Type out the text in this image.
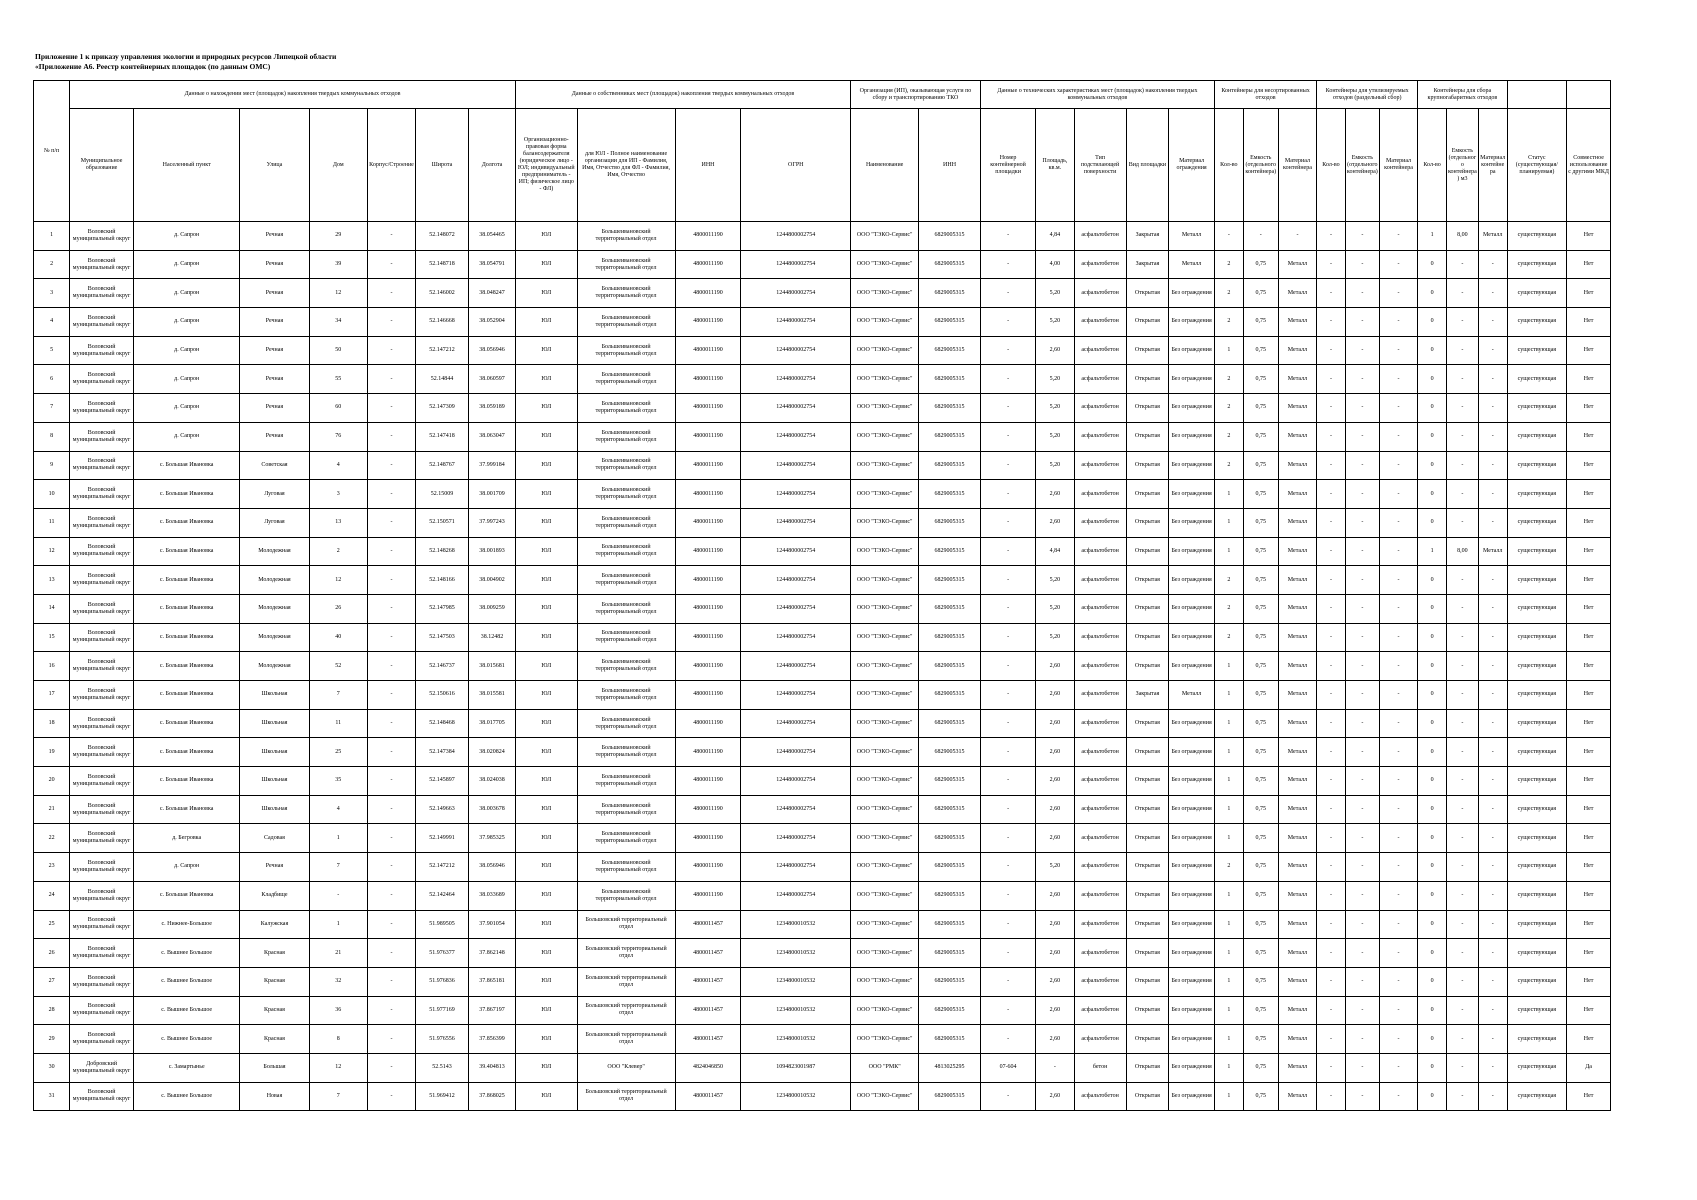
Приложение 1 к приказу управления экологии и природных ресурсов Липецкой области
«Приложение А6. Реестр контейнерных площадок (по данным ОМС)
№ п/п	Данные о нахождении мест (площадок) накопления твердых коммунальных отходов							Данные о собственниках мест (площадок) накопления твердых коммунальных отходов				Организация (ИП), оказывающая услуги по сбору и транспортированию ТКО		Данные о технических характеристиках мест (площадок) накопления твердых коммунальных отходов					Контейнеры для несортированных отходов			Контейнеры для утилизируемых отходов (раздельный сбор)			Контейнеры для сбора крупногабаритных отходов				
	Муниципальное образование	Населенный пункт	Улица	Дом	Корпус/Строение	Широта	Долгота	Организационно-правовая форма балансодержателя (юридическое лицо - ЮЛ; индивидуальный предприниматель - ИП; физическое лицо - ФЛ)	для ЮЛ - Полное наименование организации для ИП - Фамилия, Имя, Отчество для ФЛ - Фамилия, Имя, Отчество	ИНН	ОГРН	Наименование	ИНН	Номер контейнерной площадки	Площадь, кв.м.	Тип подстилающей поверхности	Вид площадки	Материал ограждения	Кол-во	Емкость (отдельного контейнера)	Материал контейнера	Кол-во	Емкость (отдельного контейнера)	Материал контейнера	Кол-во	Емкость (отдельного контейнера) м3	Материал контейнера	Статус (существующая/планируемая)	Совместное использование с другими МКД
1	Воловский муниципальный округ	д. Сапрон	Речная	29	-	52.148072	38.054465	ЮЛ	Большеивановский территориальный отдел	4800011190	1244800002754	ООО "ТЭКО-Сервис"	6829005315	-	4,84	асфальтобетон	Закрытая	Металл	-	-	-	-	-	-	1	8,00	Металл	существующая	Нет
2	Воловский муниципальный округ	д. Сапрон	Речная	39	-	52.148718	38.054791	ЮЛ	Большеивановский территориальный отдел	4800011190	1244800002754	ООО "ТЭКО-Сервис"	6829005315	-	4,00	асфальтобетон	Закрытая	Металл	2	0,75	Металл	-	-	-	0	-	-	существующая	Нет
3	Воловский муниципальный округ	д. Сапрон	Речная	12	-	52.146002	38.048247	ЮЛ	Большеивановский территориальный отдел	4800011190	1244800002754	ООО "ТЭКО-Сервис"	6829005315	-	5,20	асфальтобетон	Открытая	Без ограждения	2	0,75	Металл	-	-	-	0	-	-	существующая	Нет
4	Воловский муниципальный округ	д. Сапрон	Речная	34	-	52.146668	38.052904	ЮЛ	Большеивановский территориальный отдел	4800011190	1244800002754	ООО "ТЭКО-Сервис"	6829005315	-	5,20	асфальтобетон	Открытая	Без ограждения	2	0,75	Металл	-	-	-	0	-	-	существующая	Нет
5	Воловский муниципальный округ	д. Сапрон	Речная	50	-	52.147212	38.056946	ЮЛ	Большеивановский территориальный отдел	4800011190	1244800002754	ООО "ТЭКО-Сервис"	6829005315	-	2,60	асфальтобетон	Открытая	Без ограждения	1	0,75	Металл	-	-	-	0	-	-	существующая	Нет
6	Воловский муниципальный округ	д. Сапрон	Речная	55	-	52.14844	38.060597	ЮЛ	Большеивановский территориальный отдел	4800011190	1244800002754	ООО "ТЭКО-Сервис"	6829005315	-	5,20	асфальтобетон	Открытая	Без ограждения	2	0,75	Металл	-	-	-	0	-	-	существующая	Нет
7	Воловский муниципальный округ	д. Сапрон	Речная	60	-	52.147309	38.059189	ЮЛ	Большеивановский территориальный отдел	4800011190	1244800002754	ООО "ТЭКО-Сервис"	6829005315	-	5,20	асфальтобетон	Открытая	Без ограждения	2	0,75	Металл	-	-	-	0	-	-	существующая	Нет
8	Воловский муниципальный округ	д. Сапрон	Речная	76	-	52.147418	38.063047	ЮЛ	Большеивановский территориальный отдел	4800011190	1244800002754	ООО "ТЭКО-Сервис"	6829005315	-	5,20	асфальтобетон	Открытая	Без ограждения	2	0,75	Металл	-	-	-	0	-	-	существующая	Нет
9	Воловский муниципальный округ	с. Большая Ивановка	Советская	4	-	52.148767	37.999184	ЮЛ	Большеивановский территориальный отдел	4800011190	1244800002754	ООО "ТЭКО-Сервис"	6829005315	-	5,20	асфальтобетон	Открытая	Без ограждения	2	0,75	Металл	-	-	-	0	-	-	существующая	Нет
10	Воловский муниципальный округ	с. Большая Ивановка	Луговая	3	-	52.15009	38.001709	ЮЛ	Большеивановский территориальный отдел	4800011190	1244800002754	ООО "ТЭКО-Сервис"	6829005315	-	2,60	асфальтобетон	Открытая	Без ограждения	1	0,75	Металл	-	-	-	0	-	-	существующая	Нет
11	Воловский муниципальный округ	с. Большая Ивановка	Луговая	13	-	52.150571	37.997243	ЮЛ	Большеивановский территориальный отдел	4800011190	1244800002754	ООО "ТЭКО-Сервис"	6829005315	-	2,60	асфальтобетон	Открытая	Без ограждения	1	0,75	Металл	-	-	-	0	-	-	существующая	Нет
12	Воловский муниципальный округ	с. Большая Ивановка	Молодежная	2	-	52.148268	38.001893	ЮЛ	Большеивановский территориальный отдел	4800011190	1244800002754	ООО "ТЭКО-Сервис"	6829005315	-	4,84	асфальтобетон	Открытая	Без ограждения	1	0,75	Металл	-	-	-	1	8,00	Металл	существующая	Нет
13	Воловский муниципальный округ	с. Большая Ивановка	Молодежная	12	-	52.148166	38.004902	ЮЛ	Большеивановский территориальный отдел	4800011190	1244800002754	ООО "ТЭКО-Сервис"	6829005315	-	5,20	асфальтобетон	Открытая	Без ограждения	2	0,75	Металл	-	-	-	0	-	-	существующая	Нет
14	Воловский муниципальный округ	с. Большая Ивановка	Молодежная	26	-	52.147985	38.009259	ЮЛ	Большеивановский территориальный отдел	4800011190	1244800002754	ООО "ТЭКО-Сервис"	6829005315	-	5,20	асфальтобетон	Открытая	Без ограждения	2	0,75	Металл	-	-	-	0	-	-	существующая	Нет
15	Воловский муниципальный округ	с. Большая Ивановка	Молодежная	40	-	52.147503	38.12482	ЮЛ	Большеивановский территориальный отдел	4800011190	1244800002754	ООО "ТЭКО-Сервис"	6829005315	-	5,20	асфальтобетон	Открытая	Без ограждения	2	0,75	Металл	-	-	-	0	-	-	существующая	Нет
16	Воловский муниципальный округ	с. Большая Ивановка	Молодежная	52	-	52.146737	38.015681	ЮЛ	Большеивановский территориальный отдел	4800011190	1244800002754	ООО "ТЭКО-Сервис"	6829005315	-	2,60	асфальтобетон	Открытая	Без ограждения	1	0,75	Металл	-	-	-	0	-	-	существующая	Нет
17	Воловский муниципальный округ	с. Большая Ивановка	Школьная	7	-	52.150616	38.015581	ЮЛ	Большеивановский территориальный отдел	4800011190	1244800002754	ООО "ТЭКО-Сервис"	6829005315	-	2,60	асфальтобетон	Закрытая	Металл	1	0,75	Металл	-	-	-	0	-	-	существующая	Нет
18	Воловский муниципальный округ	с. Большая Ивановка	Школьная	11	-	52.148468	38.017705	ЮЛ	Большеивановский территориальный отдел	4800011190	1244800002754	ООО "ТЭКО-Сервис"	6829005315	-	2,60	асфальтобетон	Открытая	Без ограждения	1	0,75	Металл	-	-	-	0	-	-	существующая	Нет
19	Воловский муниципальный округ	с. Большая Ивановка	Школьная	25	-	52.147384	38.020824	ЮЛ	Большеивановский территориальный отдел	4800011190	1244800002754	ООО "ТЭКО-Сервис"	6829005315	-	2,60	асфальтобетон	Открытая	Без ограждения	1	0,75	Металл	-	-	-	0	-	-	существующая	Нет
20	Воловский муниципальный округ	с. Большая Ивановка	Школьная	35	-	52.145897	38.024038	ЮЛ	Большеивановский территориальный отдел	4800011190	1244800002754	ООО "ТЭКО-Сервис"	6829005315	-	2,60	асфальтобетон	Открытая	Без ограждения	1	0,75	Металл	-	-	-	0	-	-	существующая	Нет
21	Воловский муниципальный округ	с. Большая Ивановка	Школьная	4	-	52.149663	38.003678	ЮЛ	Большеивановский территориальный отдел	4800011190	1244800002754	ООО "ТЭКО-Сервис"	6829005315	-	2,60	асфальтобетон	Открытая	Без ограждения	1	0,75	Металл	-	-	-	0	-	-	существующая	Нет
22	Воловский муниципальный округ	д. Бегровка	Садовая	1	-	52.149991	37.985325	ЮЛ	Большеивановский территориальный отдел	4800011190	1244800002754	ООО "ТЭКО-Сервис"	6829005315	-	2,60	асфальтобетон	Открытая	Без ограждения	1	0,75	Металл	-	-	-	0	-	-	существующая	Нет
23	Воловский муниципальный округ	д. Сапрон	Речная	7	-	52.147212	38.056946	ЮЛ	Большеивановский территориальный отдел	4800011190	1244800002754	ООО "ТЭКО-Сервис"	6829005315	-	5,20	асфальтобетон	Открытая	Без ограждения	2	0,75	Металл	-	-	-	0	-	-	существующая	Нет
24	Воловский муниципальный округ	с. Большая Ивановка	Кладбище	-	-	52.142464	38.033689	ЮЛ	Большеивановский территориальный отдел	4800011190	1244800002754	ООО "ТЭКО-Сервис"	6829005315	-	2,60	асфальтобетон	Открытая	Без ограждения	1	0,75	Металл	-	-	-	0	-	-	существующая	Нет
25	Воловский муниципальный округ	с. Нижнее-Большое	Калужская	1	-	51.989505	37.901054	ЮЛ	Большовский территориальный отдел	4800011457	1234800010532	ООО "ТЭКО-Сервис"	6829005315	-	2,60	асфальтобетон	Открытая	Без ограждения	1	0,75	Металл	-	-	-	0	-	-	существующая	Нет
26	Воловский муниципальный округ	с. Вышнее Большое	Красная	21	-	51.976377	37.862148	ЮЛ	Большовский территориальный отдел	4800011457	1234800010532	ООО "ТЭКО-Сервис"	6829005315	-	2,60	асфальтобетон	Открытая	Без ограждения	1	0,75	Металл	-	-	-	0	-	-	существующая	Нет
27	Воловский муниципальный округ	с. Вышнее Большое	Красная	32	-	51.976836	37.865181	ЮЛ	Большовский территориальный отдел	4800011457	1234800010532	ООО "ТЭКО-Сервис"	6829005315	-	2,60	асфальтобетон	Открытая	Без ограждения	1	0,75	Металл	-	-	-	0	-	-	существующая	Нет
28	Воловский муниципальный округ	с. Вышнее Большое	Красная	36	-	51.977169	37.867197	ЮЛ	Большовский территориальный отдел	4800011457	1234800010532	ООО "ТЭКО-Сервис"	6829005315	-	2,60	асфальтобетон	Открытая	Без ограждения	1	0,75	Металл	-	-	-	0	-	-	существующая	Нет
29	Воловский муниципальный округ	с. Вышнее Большое	Красная	8	-	51.976556	37.856399	ЮЛ	Большовский территориальный отдел	4800011457	1234800010532	ООО "ТЭКО-Сервис"	6829005315	-	2,60	асфальтобетон	Открытая	Без ограждения	1	0,75	Металл	-	-	-	0	-	-	существующая	Нет
30	Добровский муниципальный округ	с. Замартынье	Большая	12	-	52.5143	39.404813	ЮЛ	ООО "Клевер"	4824046850	1094823001987	ООО "РМК"	4813025295	07-604	-	бетон	Открытая	Без ограждения	1	0,75	Металл	-	-	-	0	-	-	существующая	Да
31	Воловский муниципальный округ	с. Вышнее Большое	Новая	7	-	51.969412	37.868025	ЮЛ	Большовский территориальный отдел	4800011457	1234800010532	ООО "ТЭКО-Сервис"	6829005315	-	2,60	асфальтобетон	Открытая	Без ограждения	1	0,75	Металл	-	-	-	0	-	-	существующая	Нет
